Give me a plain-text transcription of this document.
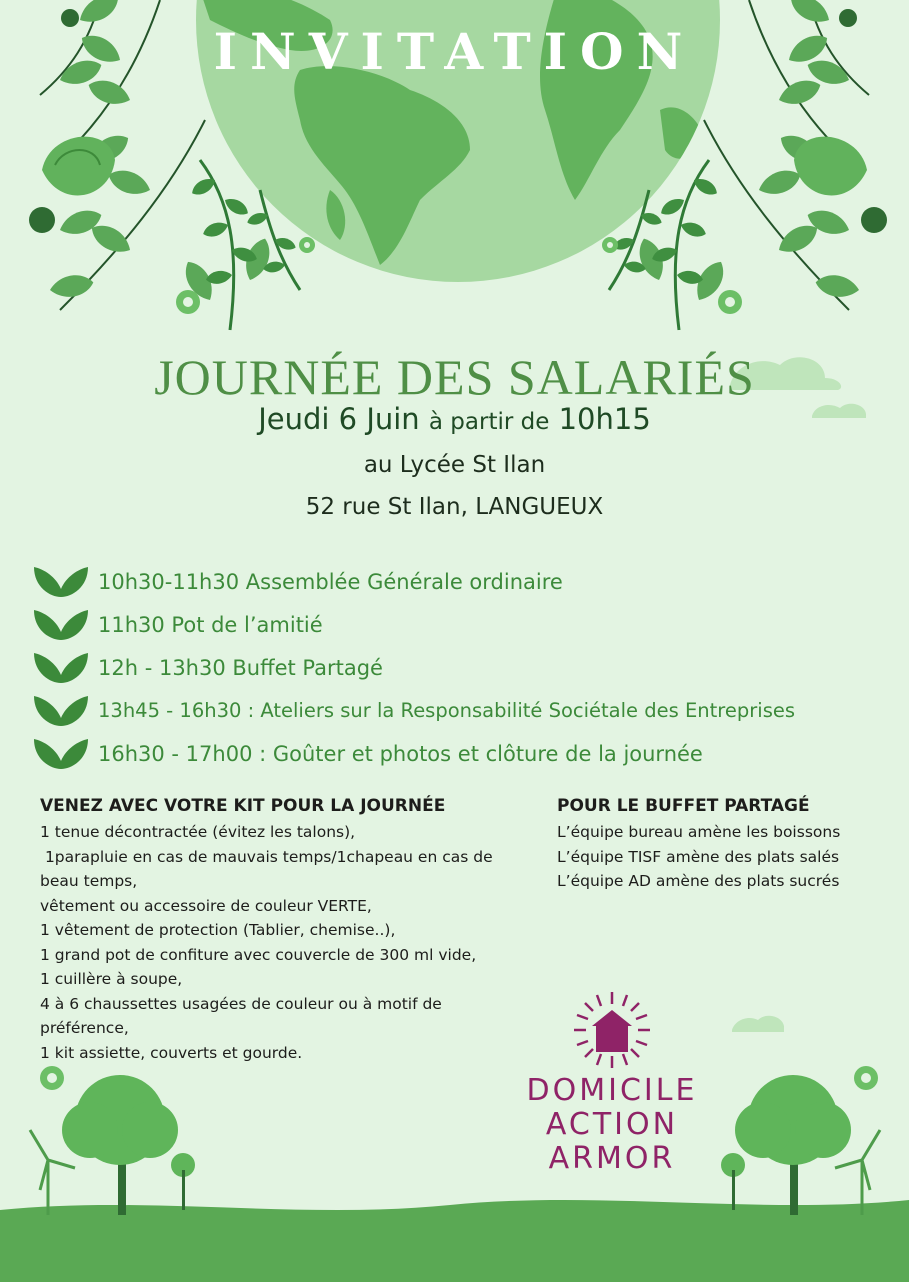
INVITATION
JOURNÉE DES SALARIÉS
Jeudi 6 Juin à partir de 10h15
au Lycée St Ilan
52 rue St Ilan, LANGUEUX
10h30-11h30 Assemblée Générale ordinaire
11h30 Pot de l’amitié
12h - 13h30 Buffet Partagé
13h45 - 16h30 : Ateliers sur la Responsabilité Sociétale des Entreprises
16h30 - 17h00 : Goûter et photos et clôture de la journée
VENEZ AVEC VOTRE KIT POUR LA JOURNÉE
1 tenue décontractée (évitez les talons),
1parapluie en cas de mauvais temps/1chapeau en cas de beau temps,
vêtement ou accessoire de couleur VERTE,
1 vêtement de protection (Tablier, chemise..),
1 grand pot de confiture avec couvercle de 300 ml vide,
1 cuillère à soupe,
4 à 6 chaussettes usagées de couleur ou à motif de préférence,
1 kit assiette, couverts et gourde.
POUR LE BUFFET PARTAGÉ
L’équipe bureau amène les boissons
L’équipe TISF amène des plats salés
L’équipe AD amène des plats sucrés
DOMICILE
ACTION
ARMOR
